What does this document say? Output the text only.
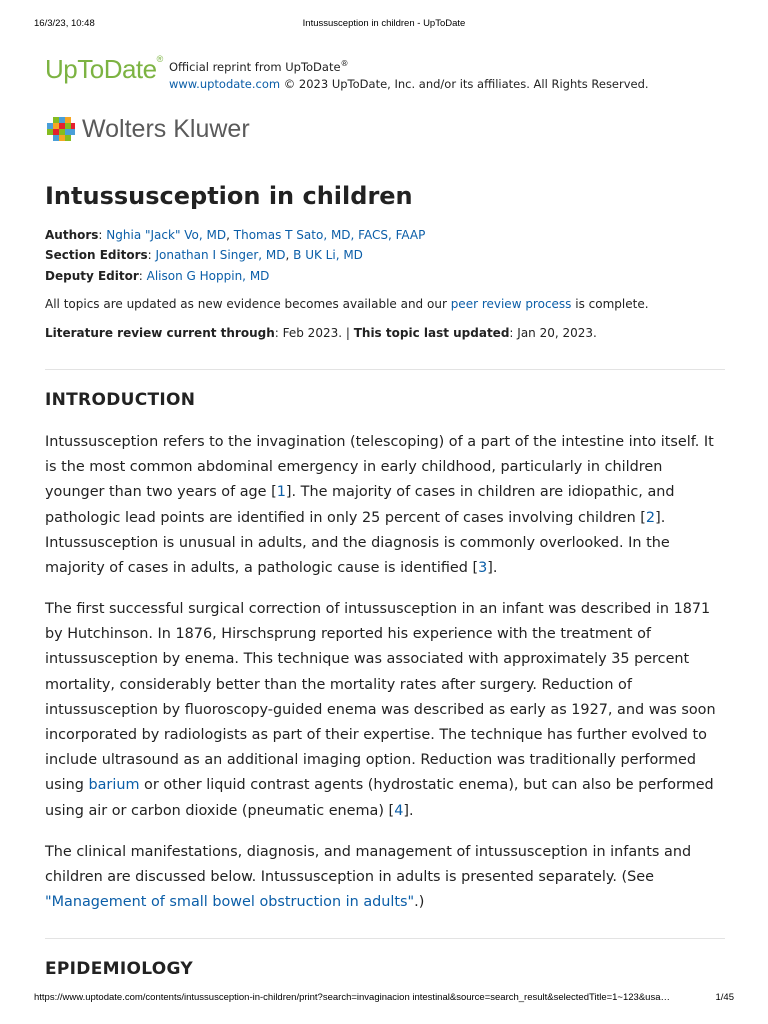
16/3/23, 10:48	Intussusception in children - UpToDate
UpToDate®
Official reprint from UpToDate®
www.uptodate.com © 2023 UpToDate, Inc. and/or its affiliates. All Rights Reserved.
Wolters Kluwer
Intussusception in children
Authors: Nghia "Jack" Vo, MD, Thomas T Sato, MD, FACS, FAAP
Section Editors: Jonathan I Singer, MD, B UK Li, MD
Deputy Editor: Alison G Hoppin, MD
All topics are updated as new evidence becomes available and our peer review process is complete.
Literature review current through: Feb 2023. | This topic last updated: Jan 20, 2023.
INTRODUCTION

Intussusception refers to the invagination (telescoping) of a part of the intestine into itself. It is the most common abdominal emergency in early childhood, particularly in children younger than two years of age [1]. The majority of cases in children are idiopathic, and pathologic lead points are identified in only 25 percent of cases involving children [2]. Intussusception is unusual in adults, and the diagnosis is commonly overlooked. In the majority of cases in adults, a pathologic cause is identified [3].

The first successful surgical correction of intussusception in an infant was described in 1871 by Hutchinson. In 1876, Hirschsprung reported his experience with the treatment of intussusception by enema. This technique was associated with approximately 35 percent mortality, considerably better than the mortality rates after surgery. Reduction of intussusception by fluoroscopy-guided enema was described as early as 1927, and was soon incorporated by radiologists as part of their expertise. The technique has further evolved to include ultrasound as an additional imaging option. Reduction was traditionally performed using barium or other liquid contrast agents (hydrostatic enema), but can also be performed using air or carbon dioxide (pneumatic enema) [4].

The clinical manifestations, diagnosis, and management of intussusception in infants and children are discussed below. Intussusception in adults is presented separately. (See "Management of small bowel obstruction in adults".)

EPIDEMIOLOGY
https://www.uptodate.com/contents/intussusception-in-children/print?search=invaginacion intestinal&source=search_result&selectedTitle=1~123&usa…	1/45
